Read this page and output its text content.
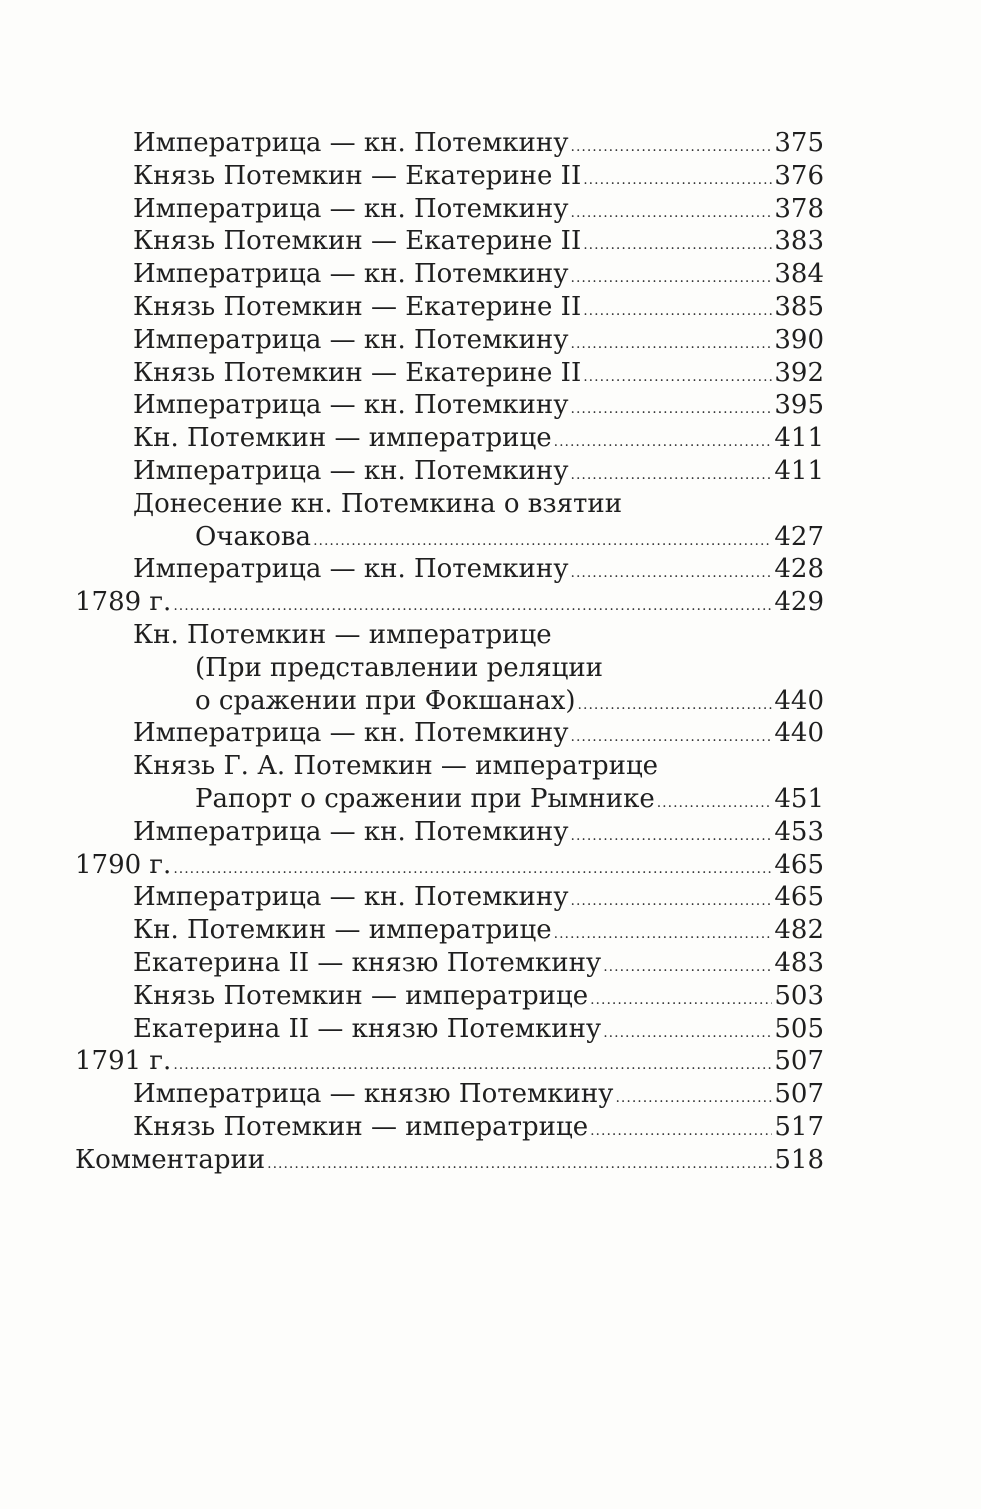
Императрица — кн. Потемкину .....	375
Князь Потемкин — Екатерине II .....	376
Императрица — кн. Потемкину .....	378
Князь Потемкин — Екатерине II .....	383
Императрица — кн. Потемкину .....	384
Князь Потемкин — Екатерине II .....	385
Императрица — кн. Потемкину .....	390
Князь Потемкин — Екатерине II .....	392
Императрица — кн. Потемкину .....	395
Кн. Потемкин — императрице .....	411
Императрица — кн. Потемкину .....	411
Донесение кн. Потемкина о взятии
Очакова .....	427
Императрица — кн. Потемкину .....	428
1789 г. .....	429
Кн. Потемкин — императрице
(При представлении реляции
о сражении при Фокшанах) .....	440
Императрица — кн. Потемкину .....	440
Князь Г. А. Потемкин — императрице
Рапорт о сражении при Рымнике .....	451
Императрица — кн. Потемкину .....	453
1790 г. .....	465
Императрица — кн. Потемкину .....	465
Кн. Потемкин — императрице .....	482
Екатерина II — князю Потемкину .....	483
Князь Потемкин — императрице .....	503
Екатерина II — князю Потемкину .....	505
1791 г. .....	507
Императрица — князю Потемкину .....	507
Князь Потемкин — императрице .....	517
Комментарии .....	518
